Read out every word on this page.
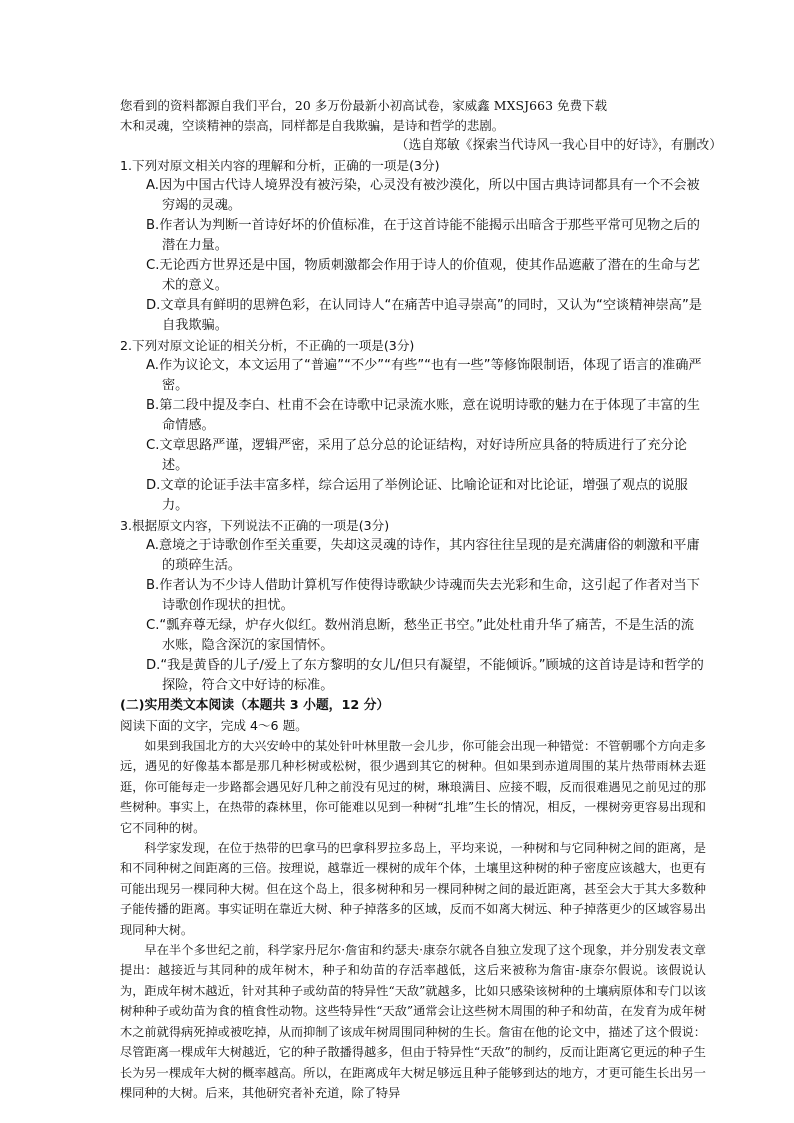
您看到的资料都源自我们平台，20 多万份最新小初高试卷，家威鑫 MXSJ663 免费下载

木和灵魂，空谈精神的崇高，同样都是自我欺骗，是诗和哲学的悲剧。

（选自郑敏《探索当代诗风一我心目中的好诗》，有删改）

1.下列对原文相关内容的理解和分析，正确的一项是(3分)

A.因为中国古代诗人境界没有被污染，心灵没有被沙漠化，所以中国古典诗词都具有一个不会被穷竭的灵魂。

B.作者认为判断一首诗好坏的价值标准，在于这首诗能不能揭示出暗含于那些平常可见物之后的潜在力量。

C.无论西方世界还是中国，物质刺激都会作用于诗人的价值观，使其作品遮蔽了潜在的生命与艺术的意义。

D.文章具有鲜明的思辨色彩，在认同诗人“在痛苦中追寻崇高”的同时，又认为“空谈精神崇高”是自我欺骗。

2.下列对原文论证的相关分析，不正确的一项是(3分)

A.作为议论文，本文运用了“普遍”“不少”“有些”“也有一些”等修饰限制语，体现了语言的准确严密。

B.第二段中提及李白、杜甫不会在诗歌中记录流水账，意在说明诗歌的魅力在于体现了丰富的生命情感。

C.文章思路严谨，逻辑严密，采用了总分总的论证结构，对好诗所应具备的特质进行了充分论述。

D.文章的论证手法丰富多样，综合运用了举例论证、比喻论证和对比论证，增强了观点的说服力。

3.根据原文内容，下列说法不正确的一项是(3分)

A.意境之于诗歌创作至关重要，失却这灵魂的诗作，其内容往往呈现的是充满庸俗的刺激和平庸的琐碎生活。

B.作者认为不少诗人借助计算机写作使得诗歌缺少诗魂而失去光彩和生命，这引起了作者对当下诗歌创作现状的担忧。

C.“瓢弃尊无绿，炉存火似红。数州消息断，愁坐正书空。”此处杜甫升华了痛苦，不是生活的流水账，隐含深沉的家国情怀。

D.“我是黄昏的儿子/爱上了东方黎明的女儿/但只有凝望，不能倾诉。”顾城的这首诗是诗和哲学的探险，符合文中好诗的标准。

(二)实用类文本阅读（本题共 3 小题，12 分）

阅读下面的文字，完成 4～6 题。

如果到我国北方的大兴安岭中的某处针叶林里散一会儿步，你可能会出现一种错觉：不管朝哪个方向走多远，遇见的好像基本都是那几种杉树或松树，很少遇到其它的树种。但如果到赤道周围的某片热带雨林去逛逛，你可能每走一步路都会遇见好几种之前没有见过的树，琳琅满目、应接不暇，反而很难遇见之前见过的那些树种。事实上，在热带的森林里，你可能难以见到一种树“扎堆”生长的情况，相反，一棵树旁更容易出现和它不同种的树。

科学家发现，在位于热带的巴拿马的巴拿科罗拉多岛上，平均来说，一种树和与它同种树之间的距离，是和不同种树之间距离的三倍。按理说，越靠近一棵树的成年个体，土壤里这种树的种子密度应该越大，也更有可能出现另一棵同种大树。但在这个岛上，很多树种和另一棵同种树之间的最近距离，甚至会大于其大多数种子能传播的距离。事实证明在靠近大树、种子掉落多的区域，反而不如离大树远、种子掉落更少的区域容易出现同种大树。

早在半个多世纪之前，科学家丹尼尔·詹宙和约瑟夫·康奈尔就各自独立发现了这个现象，并分别发表文章提出：越接近与其同种的成年树木，种子和幼苗的存活率越低，这后来被称为詹宙-康奈尔假说。该假说认为，距成年树木越近，针对其种子或幼苗的特异性“天敌”就越多，比如只感染该树种的土壤病原体和专门以该树种种子或幼苗为食的植食性动物。这些特异性“天敌”通常会让这些树木周围的种子和幼苗，在发育为成年树木之前就得病死掉或被吃掉，从而抑制了该成年树周围同种树的生长。詹宙在他的论文中，描述了这个假说：尽管距离一棵成年大树越近，它的种子散播得越多，但由于特异性“天敌”的制约，反而让距离它更远的种子生长为另一棵成年大树的概率越高。所以，在距离成年大树足够远且种子能够到达的地方，才更可能生长出另一棵同种的大树。后来，其他研究者补充道，除了特异
